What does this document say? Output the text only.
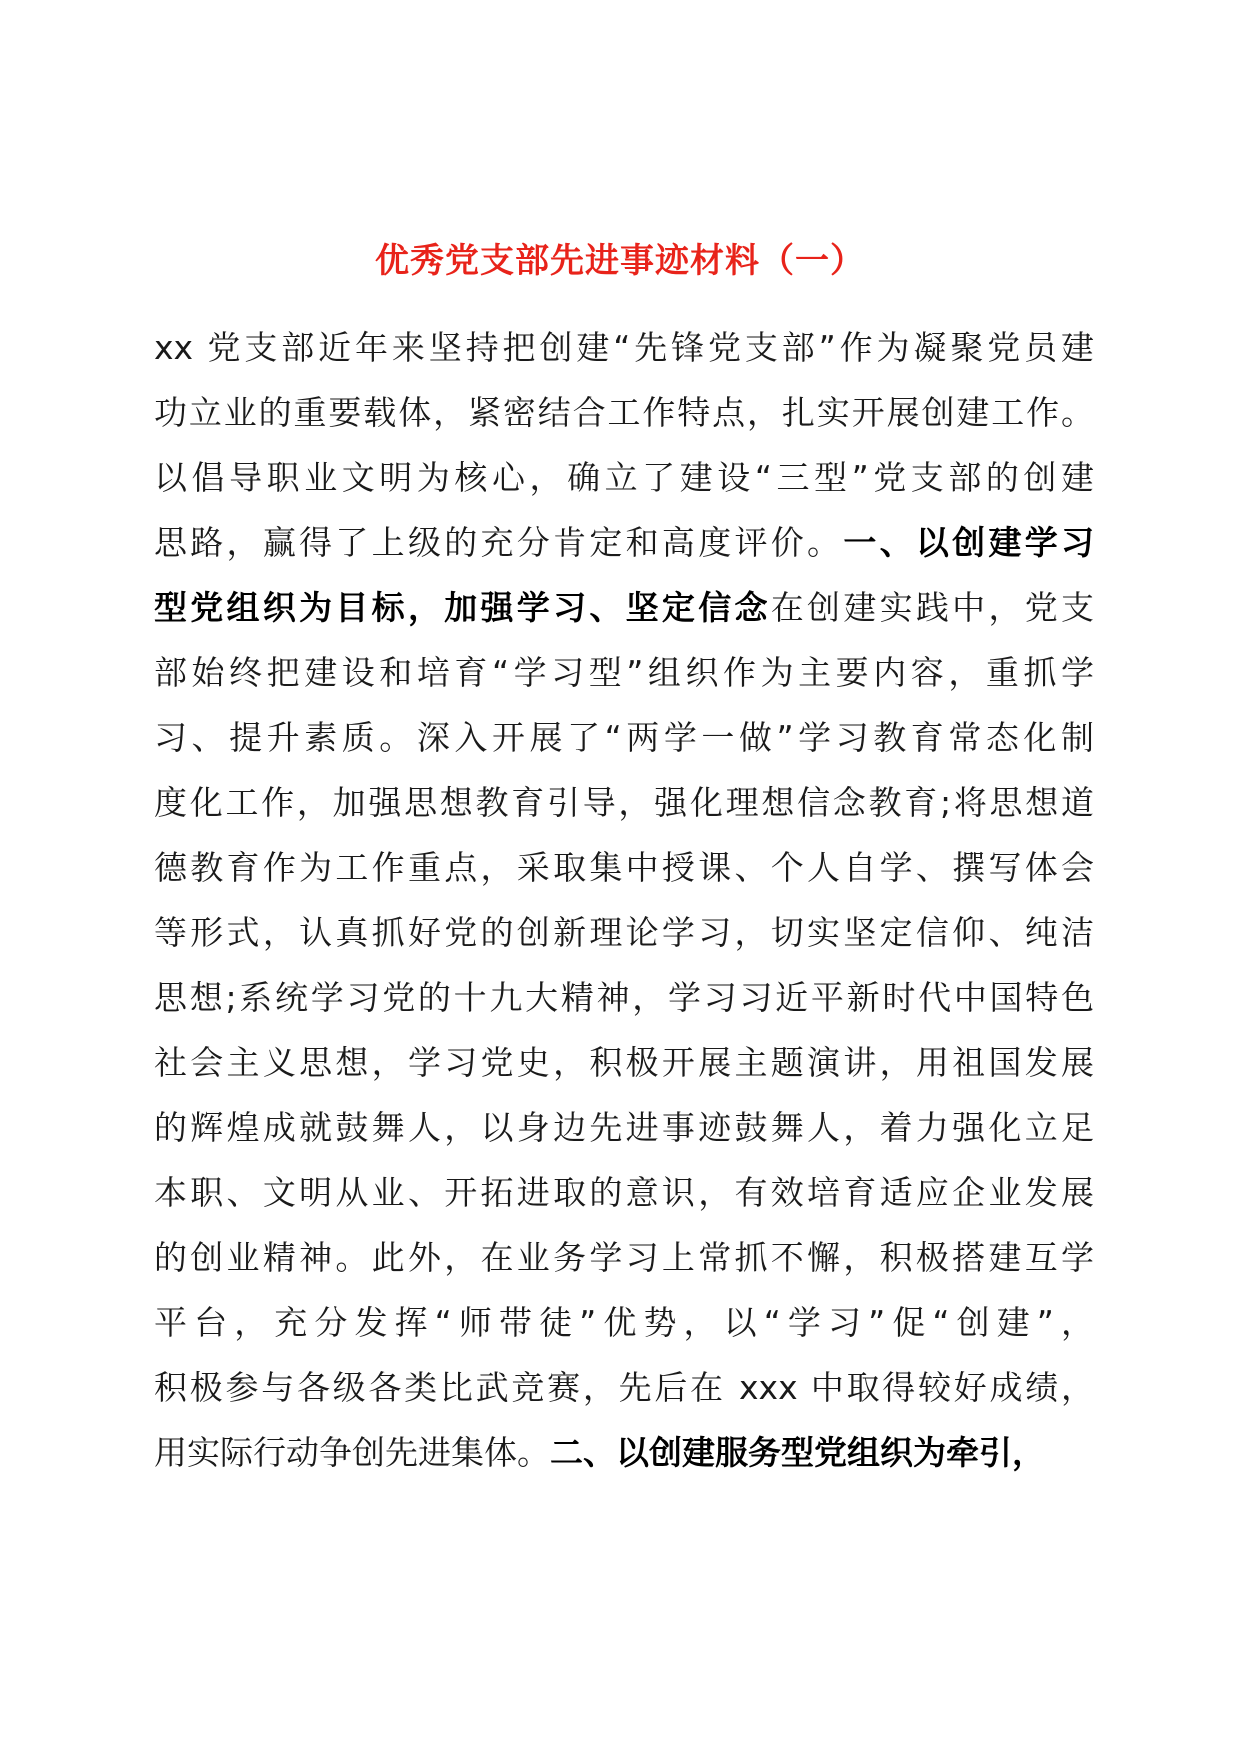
优秀党支部先进事迹材料（一）
xx 党支部近年来坚持把创建“先锋党支部”作为凝聚党员建
功立业的重要载体，紧密结合工作特点，扎实开展创建工作。
以倡导职业文明为核心，确立了建设“三型”党支部的创建
思路，赢得了上级的充分肯定和高度评价。一、以创建学习
型党组织为目标，加强学习、坚定信念在创建实践中，党支
部始终把建设和培育“学习型”组织作为主要内容，重抓学
习、提升素质。深入开展了“两学一做”学习教育常态化制
度化工作，加强思想教育引导，强化理想信念教育;将思想道
德教育作为工作重点，采取集中授课、个人自学、撰写体会
等形式，认真抓好党的创新理论学习，切实坚定信仰、纯洁
思想;系统学习党的十九大精神，学习习近平新时代中国特色
社会主义思想，学习党史，积极开展主题演讲，用祖国发展
的辉煌成就鼓舞人，以身边先进事迹鼓舞人，着力强化立足
本职、文明从业、开拓进取的意识，有效培育适应企业发展
的创业精神。此外，在业务学习上常抓不懈，积极搭建互学
平台，充分发挥“师带徒”优势，以“学习”促“创建”，
积极参与各级各类比武竞赛，先后在 xxx 中取得较好成绩，
用实际行动争创先进集体。二、以创建服务型党组织为牵引，
